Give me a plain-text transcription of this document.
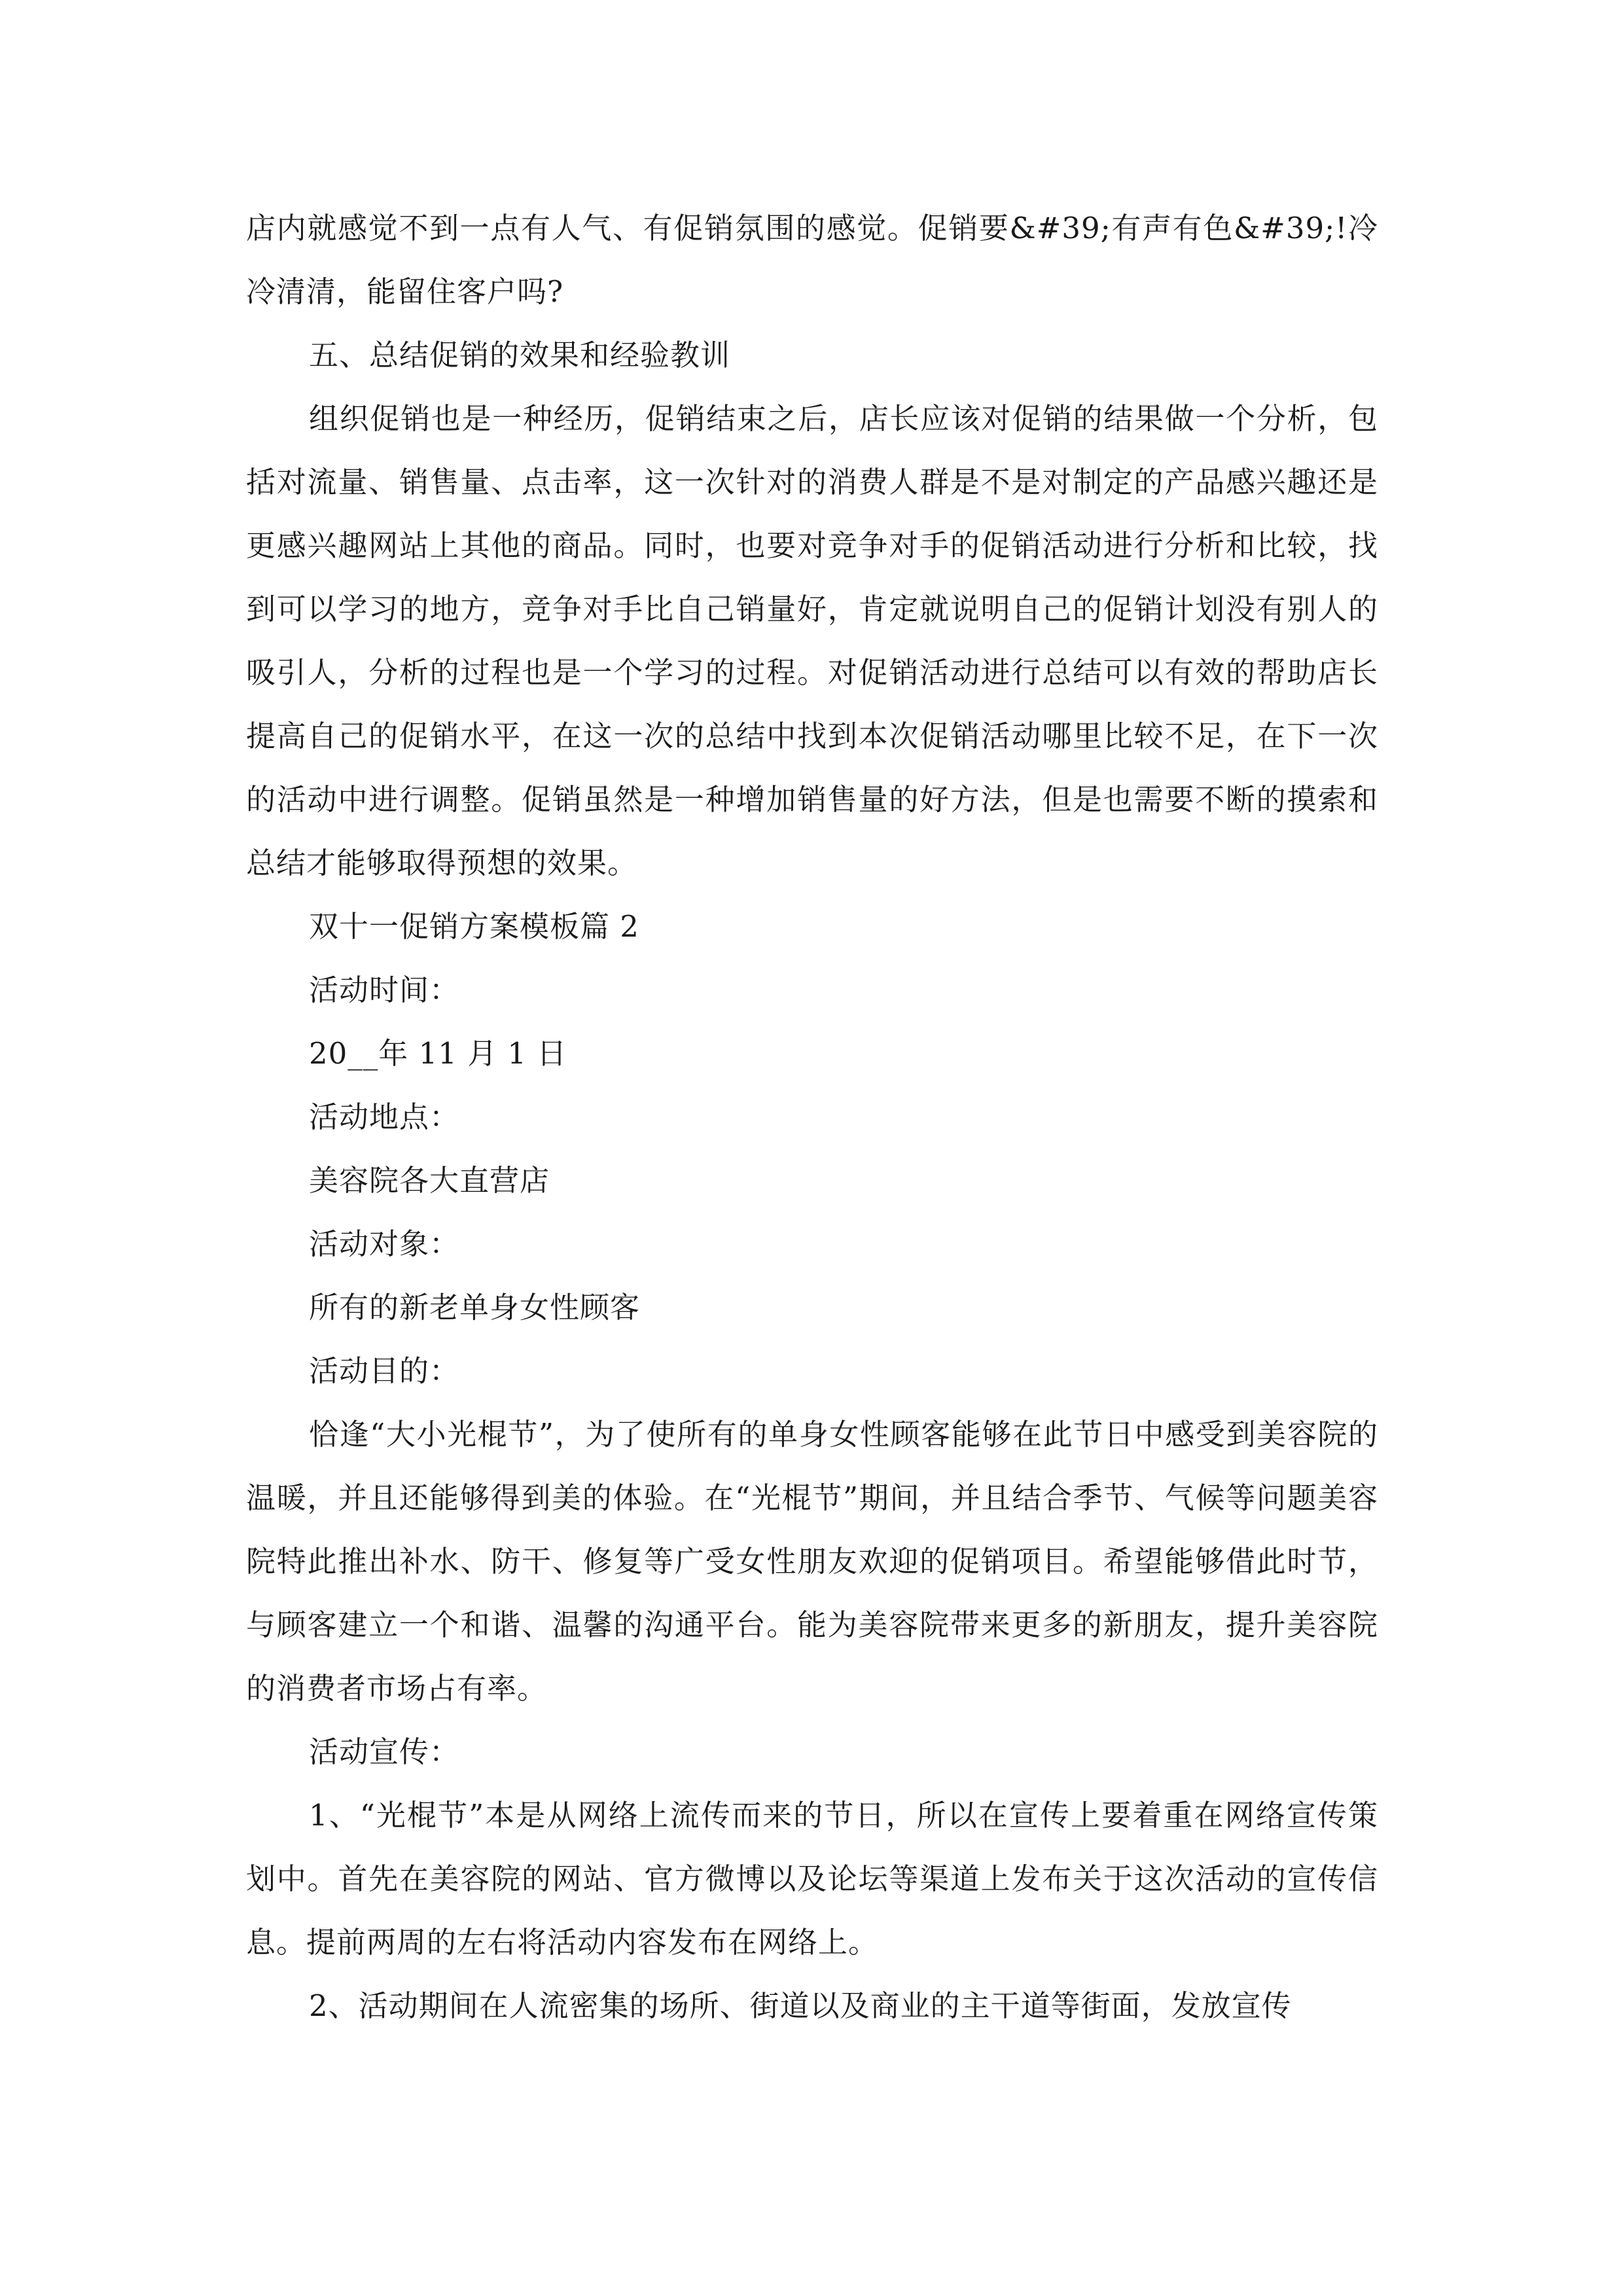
店内就感觉不到一点有人气、有促销氛围的感觉。促销要&#39;有声有色&#39;!冷冷清清，能留住客户吗?

五、总结促销的效果和经验教训

组织促销也是一种经历，促销结束之后，店长应该对促销的结果做一个分析，包括对流量、销售量、点击率，这一次针对的消费人群是不是对制定的产品感兴趣还是更感兴趣网站上其他的商品。同时，也要对竞争对手的促销活动进行分析和比较，找到可以学习的地方，竞争对手比自己销量好，肯定就说明自己的促销计划没有别人的吸引人，分析的过程也是一个学习的过程。对促销活动进行总结可以有效的帮助店长提高自己的促销水平，在这一次的总结中找到本次促销活动哪里比较不足，在下一次的活动中进行调整。促销虽然是一种增加销售量的好方法，但是也需要不断的摸索和总结才能够取得预想的效果。

双十一促销方案模板篇 2

活动时间：

20__年 11 月 1 日

活动地点：

美容院各大直营店

活动对象：

所有的新老单身女性顾客

活动目的：

恰逢“大小光棍节”，为了使所有的单身女性顾客能够在此节日中感受到美容院的温暖，并且还能够得到美的体验。在“光棍节”期间，并且结合季节、气候等问题美容院特此推出补水、防干、修复等广受女性朋友欢迎的促销项目。希望能够借此时节，与顾客建立一个和谐、温馨的沟通平台。能为美容院带来更多的新朋友，提升美容院的消费者市场占有率。

活动宣传：

1、“光棍节”本是从网络上流传而来的节日，所以在宣传上要着重在网络宣传策划中。首先在美容院的网站、官方微博以及论坛等渠道上发布关于这次活动的宣传信息。提前两周的左右将活动内容发布在网络上。

2、活动期间在人流密集的场所、街道以及商业的主干道等街面，发放宣传
